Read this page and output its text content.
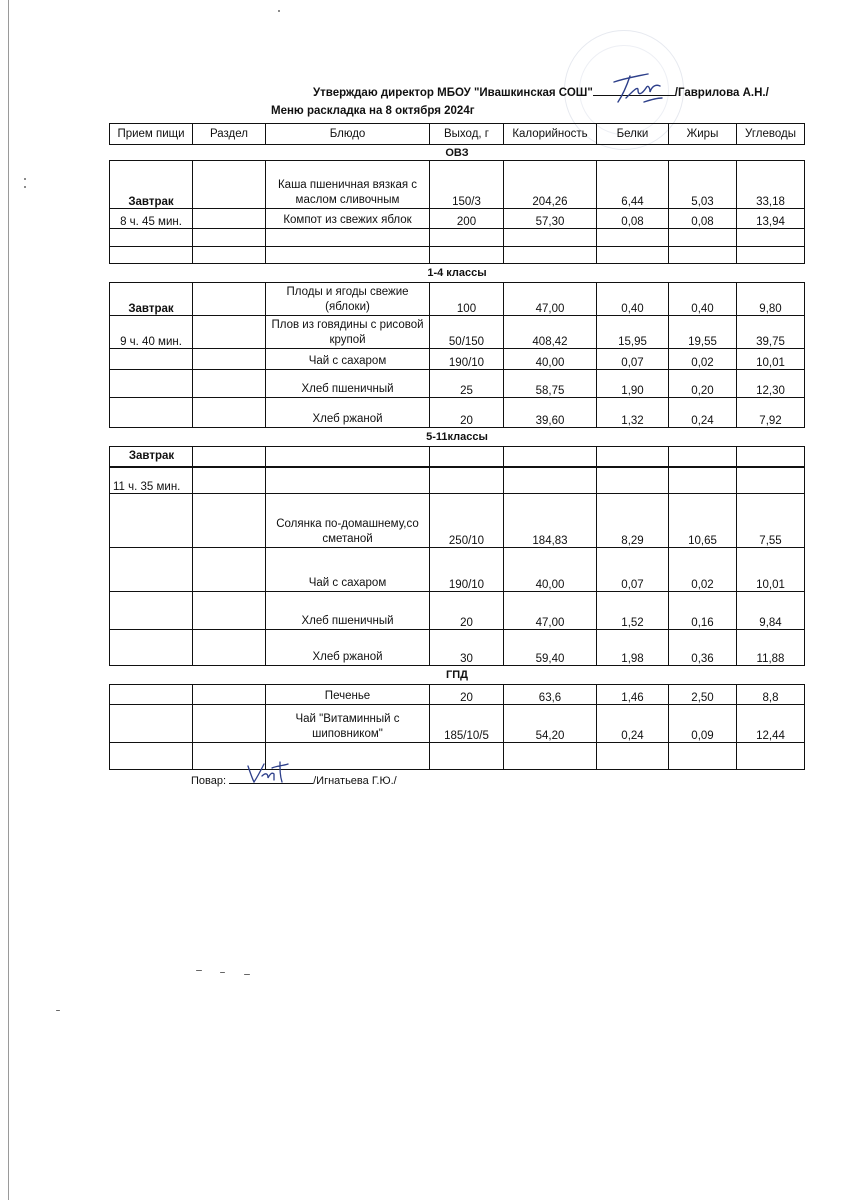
Утверждаю директор МБОУ "Ивашкинская СОШ"	/Гаврилова А.Н./
Меню раскладка на 8 октября 2024г
Прием пищи	Раздел	Блюдо	Выход, г	Калорийность	Белки	Жиры	Углеводы
ОВЗ							
Завтрак		Каша пшеничная вязкая с маслом сливочным	150/3	204,26	6,44	5,03	33,18
8 ч. 45 мин.		Компот из свежих яблок	200	57,30	0,08	0,08	13,94

1-4 классы							
Завтрак		Плоды и ягоды свежие (яблоки)	100	47,00	0,40	0,40	9,80
9 ч. 40 мин.		Плов из говядины с рисовой крупой	50/150	408,42	15,95	19,55	39,75
		Чай с сахаром	190/10	40,00	0,07	0,02	10,01
		Хлеб пшеничный	25	58,75	1,90	0,20	12,30
		Хлеб ржаной	20	39,60	1,32	0,24	7,92
5-11классы							
Завтрак							
11 ч. 35 мин.							
		Солянка по-домашнему,со сметаной	250/10	184,83	8,29	10,65	7,55
		Чай с сахаром	190/10	40,00	0,07	0,02	10,01
		Хлеб пшеничный	20	47,00	1,52	0,16	9,84
		Хлеб ржаной	30	59,40	1,98	0,36	11,88
ГПД							
		Печенье	20	63,6	1,46	2,50	8,8
		Чай "Витаминный с шиповником"	185/10/5	54,20	0,24	0,09	12,44

Повар:	/Игнатьева Г.Ю./
